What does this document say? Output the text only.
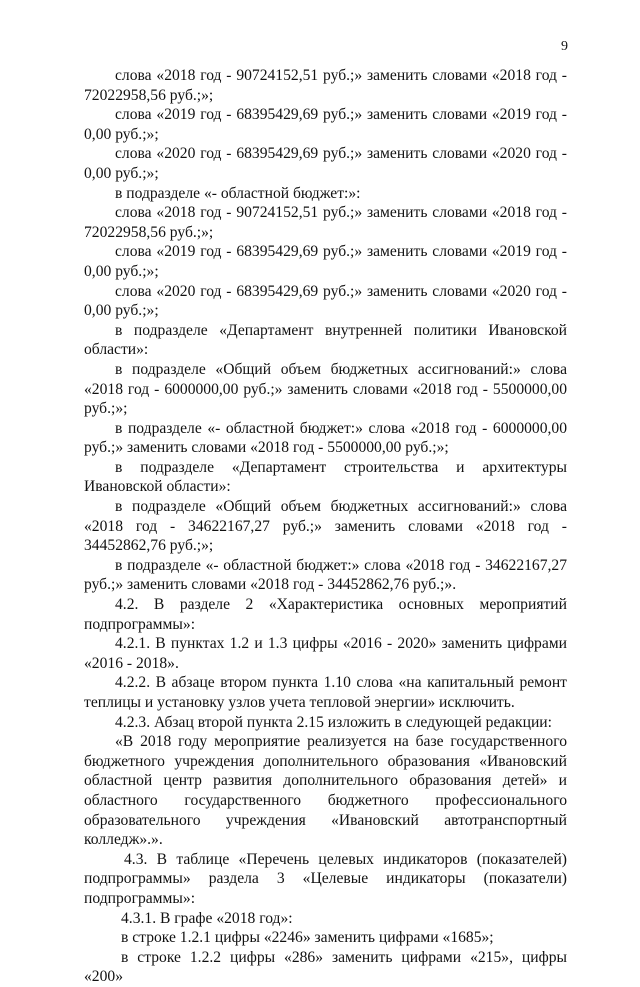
9

слова «2018 год - 90724152,51 руб.;» заменить словами «2018 год - 72022958,56 руб.;»;

слова «2019 год - 68395429,69 руб.;» заменить словами «2019 год - 0,00 руб.;»;

слова «2020 год - 68395429,69 руб.;» заменить словами «2020 год - 0,00 руб.;»;

в подразделе «- областной бюджет:»:

слова «2018 год - 90724152,51 руб.;» заменить словами «2018 год - 72022958,56 руб.;»;

слова «2019 год - 68395429,69 руб.;» заменить словами «2019 год - 0,00 руб.;»;

слова «2020 год - 68395429,69 руб.;» заменить словами «2020 год - 0,00 руб.;»;

в подразделе «Департамент внутренней политики Ивановской области»:

в подразделе «Общий объем бюджетных ассигнований:» слова «2018 год - 6000000,00 руб.;» заменить словами «2018 год - 5500000,00 руб.;»;

в подразделе «- областной бюджет:» слова «2018 год - 6000000,00 руб.;» заменить словами «2018 год - 5500000,00 руб.;»;

в подразделе «Департамент строительства и архитектуры Ивановской области»:

в подразделе «Общий объем бюджетных ассигнований:» слова «2018 год - 34622167,27 руб.;» заменить словами «2018 год - 34452862,76 руб.;»;

в подразделе «- областной бюджет:» слова «2018 год - 34622167,27 руб.;» заменить словами «2018 год - 34452862,76 руб.;».

4.2. В разделе 2 «Характеристика основных мероприятий подпрограммы»:

4.2.1. В пунктах 1.2 и 1.3 цифры «2016 - 2020» заменить цифрами «2016 - 2018».

4.2.2. В абзаце втором пункта 1.10 слова «на капитальный ремонт теплицы и установку узлов учета тепловой энергии» исключить.

4.2.3. Абзац второй пункта 2.15 изложить в следующей редакции:

«В 2018 году мероприятие реализуется на базе государственного бюджетного учреждения дополнительного образования «Ивановский областной центр развития дополнительного образования детей» и областного государственного бюджетного профессионального образовательного учреждения «Ивановский автотранспортный колледж».».

4.3. В таблице «Перечень целевых индикаторов (показателей) подпрограммы» раздела 3 «Целевые индикаторы (показатели) подпрограммы»:

4.3.1. В графе «2018 год»:

в строке 1.2.1 цифры «2246» заменить цифрами «1685»;

в строке 1.2.2 цифры «286» заменить цифрами «215», цифры «200»
